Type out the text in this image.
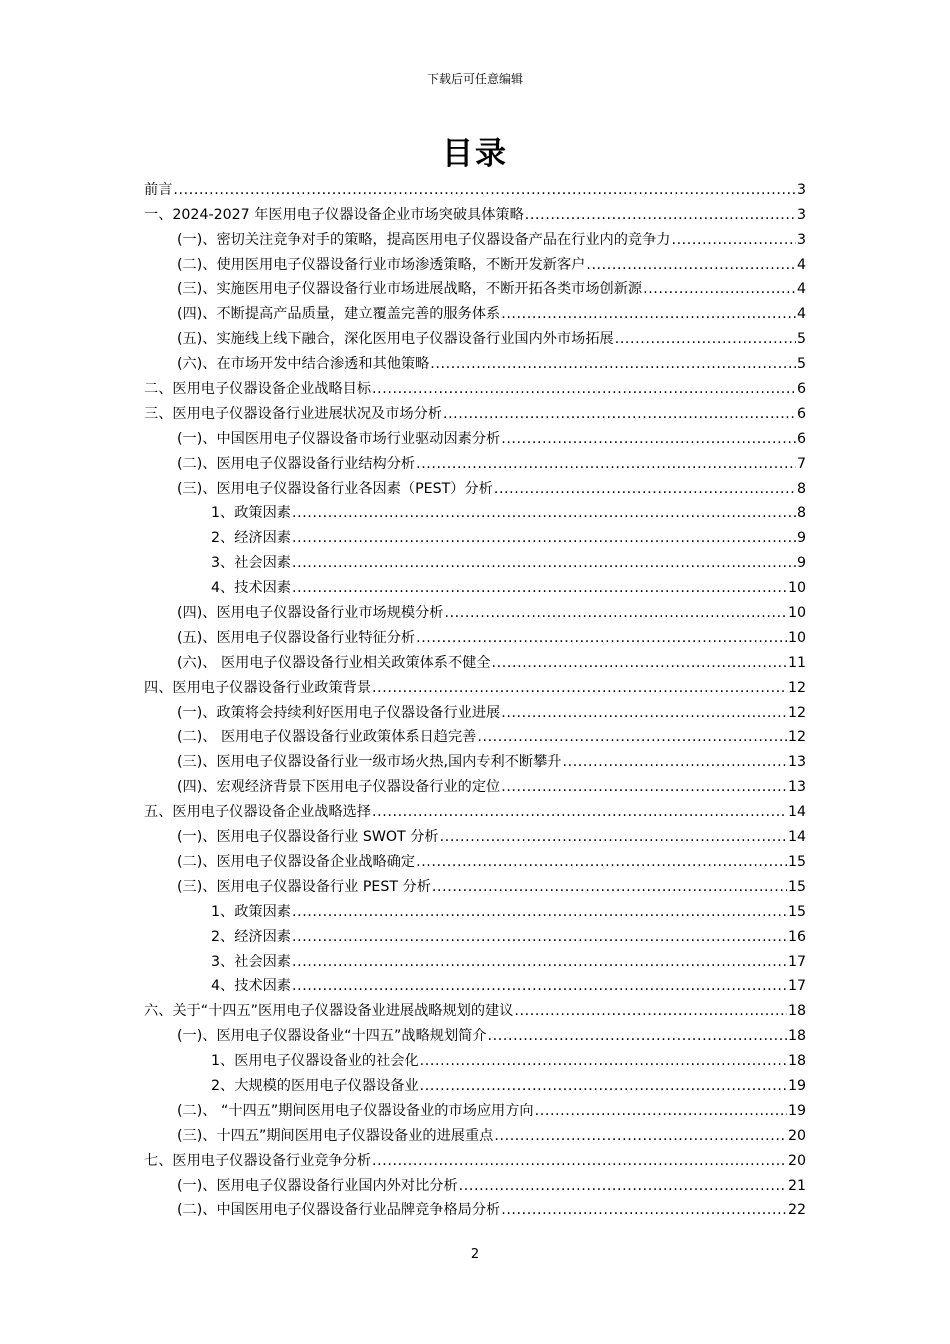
下载后可任意编辑
目录
前言 .....	3
一、2024-2027 年医用电子仪器设备企业市场突破具体策略 .....	3
(一)、密切关注竞争对手的策略，提高医用电子仪器设备产品在行业内的竞争力 .....	3
(二)、使用医用电子仪器设备行业市场渗透策略，不断开发新客户 .....	4
(三)、实施医用电子仪器设备行业市场进展战略，不断开拓各类市场创新源 .....	4
(四)、不断提高产品质量，建立覆盖完善的服务体系 .....	4
(五)、实施线上线下融合，深化医用电子仪器设备行业国内外市场拓展 .....	5
(六)、在市场开发中结合渗透和其他策略 .....	5
二、医用电子仪器设备企业战略目标 .....	6
三、医用电子仪器设备行业进展状况及市场分析 .....	6
(一)、中国医用电子仪器设备市场行业驱动因素分析 .....	6
(二)、医用电子仪器设备行业结构分析 .....	7
(三)、医用电子仪器设备行业各因素（PEST）分析 .....	8
1、政策因素 .....	8
2、经济因素 .....	9
3、社会因素 .....	9
4、技术因素 .....	10
(四)、医用电子仪器设备行业市场规模分析 .....	10
(五)、医用电子仪器设备行业特征分析 .....	10
(六)、 医用电子仪器设备行业相关政策体系不健全 .....	11
四、医用电子仪器设备行业政策背景 .....	12
(一)、政策将会持续利好医用电子仪器设备行业进展 .....	12
(二)、 医用电子仪器设备行业政策体系日趋完善 .....	12
(三)、医用电子仪器设备行业一级市场火热,国内专利不断攀升 .....	13
(四)、宏观经济背景下医用电子仪器设备行业的定位 .....	13
五、医用电子仪器设备企业战略选择 .....	14
(一)、医用电子仪器设备行业 SWOT 分析 .....	14
(二)、医用电子仪器设备企业战略确定 .....	15
(三)、医用电子仪器设备行业 PEST 分析 .....	15
1、政策因素 .....	15
2、经济因素 .....	16
3、社会因素 .....	17
4、技术因素 .....	17
六、关于“十四五”医用电子仪器设备业进展战略规划的建议 .....	18
(一)、医用电子仪器设备业“十四五”战略规划简介 .....	18
1、医用电子仪器设备业的社会化 .....	18
2、大规模的医用电子仪器设备业 .....	19
(二)、 “十四五”期间医用电子仪器设备业的市场应用方向 .....	19
(三)、十四五”期间医用电子仪器设备业的进展重点 .....	20
七、医用电子仪器设备行业竞争分析 .....	20
(一)、医用电子仪器设备行业国内外对比分析 .....	21
(二)、中国医用电子仪器设备行业品牌竞争格局分析 .....	22
2
